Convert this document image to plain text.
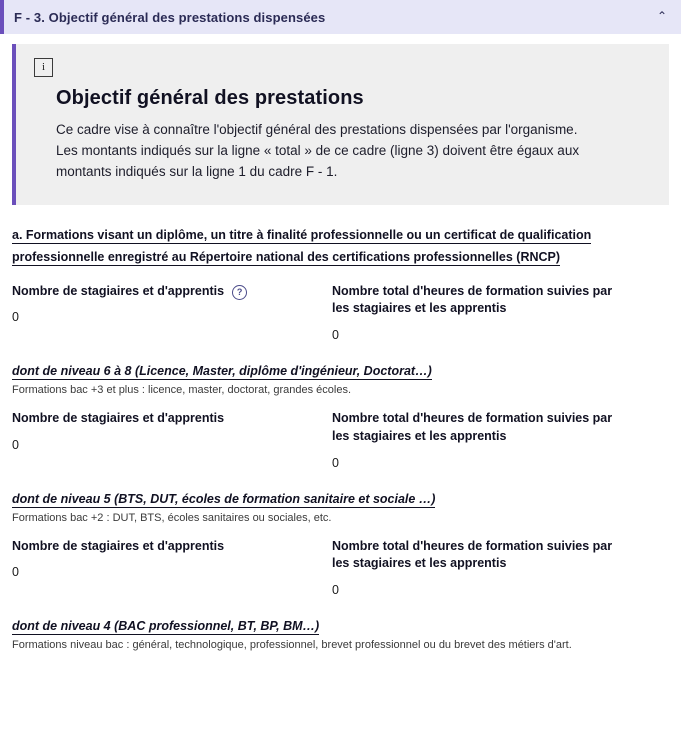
F - 3. Objectif général des prestations dispensées	⌃
i
Objectif général des prestations
Ce cadre vise à connaître l'objectif général des prestations dispensées par l'organisme. Les montants indiqués sur la ligne « total » de ce cadre (ligne 3) doivent être égaux aux montants indiqués sur la ligne 1 du cadre F - 1.
a. Formations visant un diplôme, un titre à finalité professionnelle ou un certificat de qualification
professionnelle enregistré au Répertoire national des certifications professionnelles (RNCP)
Nombre de stagiaires et d'apprentis	?
0
Nombre total d'heures de formation suivies par les stagiaires et les apprentis
0
dont de niveau 6 à 8 (Licence, Master, diplôme d'ingénieur, Doctorat…)
Formations bac +3 et plus : licence, master, doctorat, grandes écoles.
Nombre de stagiaires et d'apprentis
0
Nombre total d'heures de formation suivies par les stagiaires et les apprentis
0
dont de niveau 5 (BTS, DUT, écoles de formation sanitaire et sociale …)
Formations bac +2 : DUT, BTS, écoles sanitaires ou sociales, etc.
Nombre de stagiaires et d'apprentis
0
Nombre total d'heures de formation suivies par les stagiaires et les apprentis
0
dont de niveau 4 (BAC professionnel, BT, BP, BM…)
Formations niveau bac : général, technologique, professionnel, brevet professionnel ou du brevet des métiers d'art.
